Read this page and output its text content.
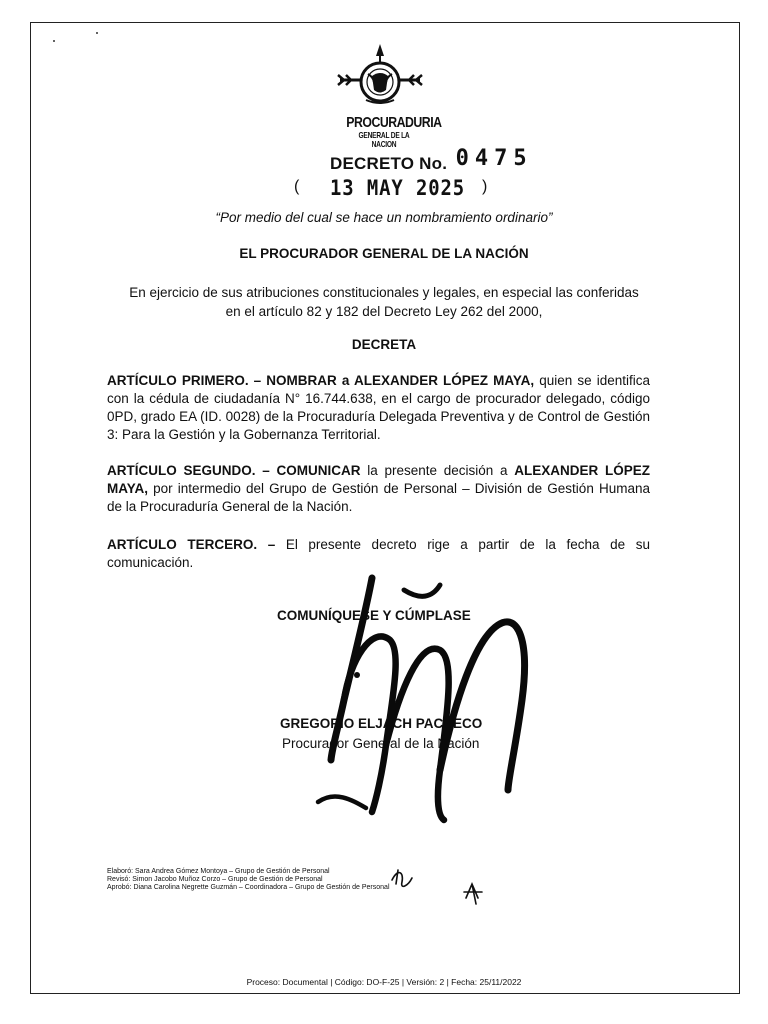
PROCURADURIA
GENERAL DE LA NACION
DECRETO No. 0475
( 13 MAY 2025 )
“Por medio del cual se hace un nombramiento ordinario”
EL PROCURADOR GENERAL DE LA NACIÓN
En ejercicio de sus atribuciones constitucionales y legales, en especial las conferidas en el artículo 82 y 182 del Decreto Ley 262 del 2000,
DECRETA
ARTÍCULO PRIMERO. – NOMBRAR a ALEXANDER LÓPEZ MAYA, quien se identifica con la cédula de ciudadanía N° 16.744.638, en el cargo de procurador delegado, código 0PD, grado EA (ID. 0028) de la Procuraduría Delegada Preventiva y de Control de Gestión 3: Para la Gestión y la Gobernanza Territorial.
ARTÍCULO SEGUNDO. – COMUNICAR la presente decisión a ALEXANDER LÓPEZ MAYA, por intermedio del Grupo de Gestión de Personal – División de Gestión Humana de la Procuraduría General de la Nación.
ARTÍCULO TERCERO. – El presente decreto rige a partir de la fecha de su comunicación.
COMUNÍQUESE Y CÚMPLASE
GREGORIO ELJACH PACHECO
Procurador General de la Nación
Elaboró: Sara Andrea Gómez Montoya – Grupo de Gestión de Personal
Revisó: Simon Jacobo Muñoz Corzo – Grupo de Gestión de Personal
Aprobó: Diana Carolina Negrette Guzmán – Coordinadora – Grupo de Gestión de Personal
Proceso: Documental | Código: DO-F-25 | Versión: 2 | Fecha: 25/11/2022
